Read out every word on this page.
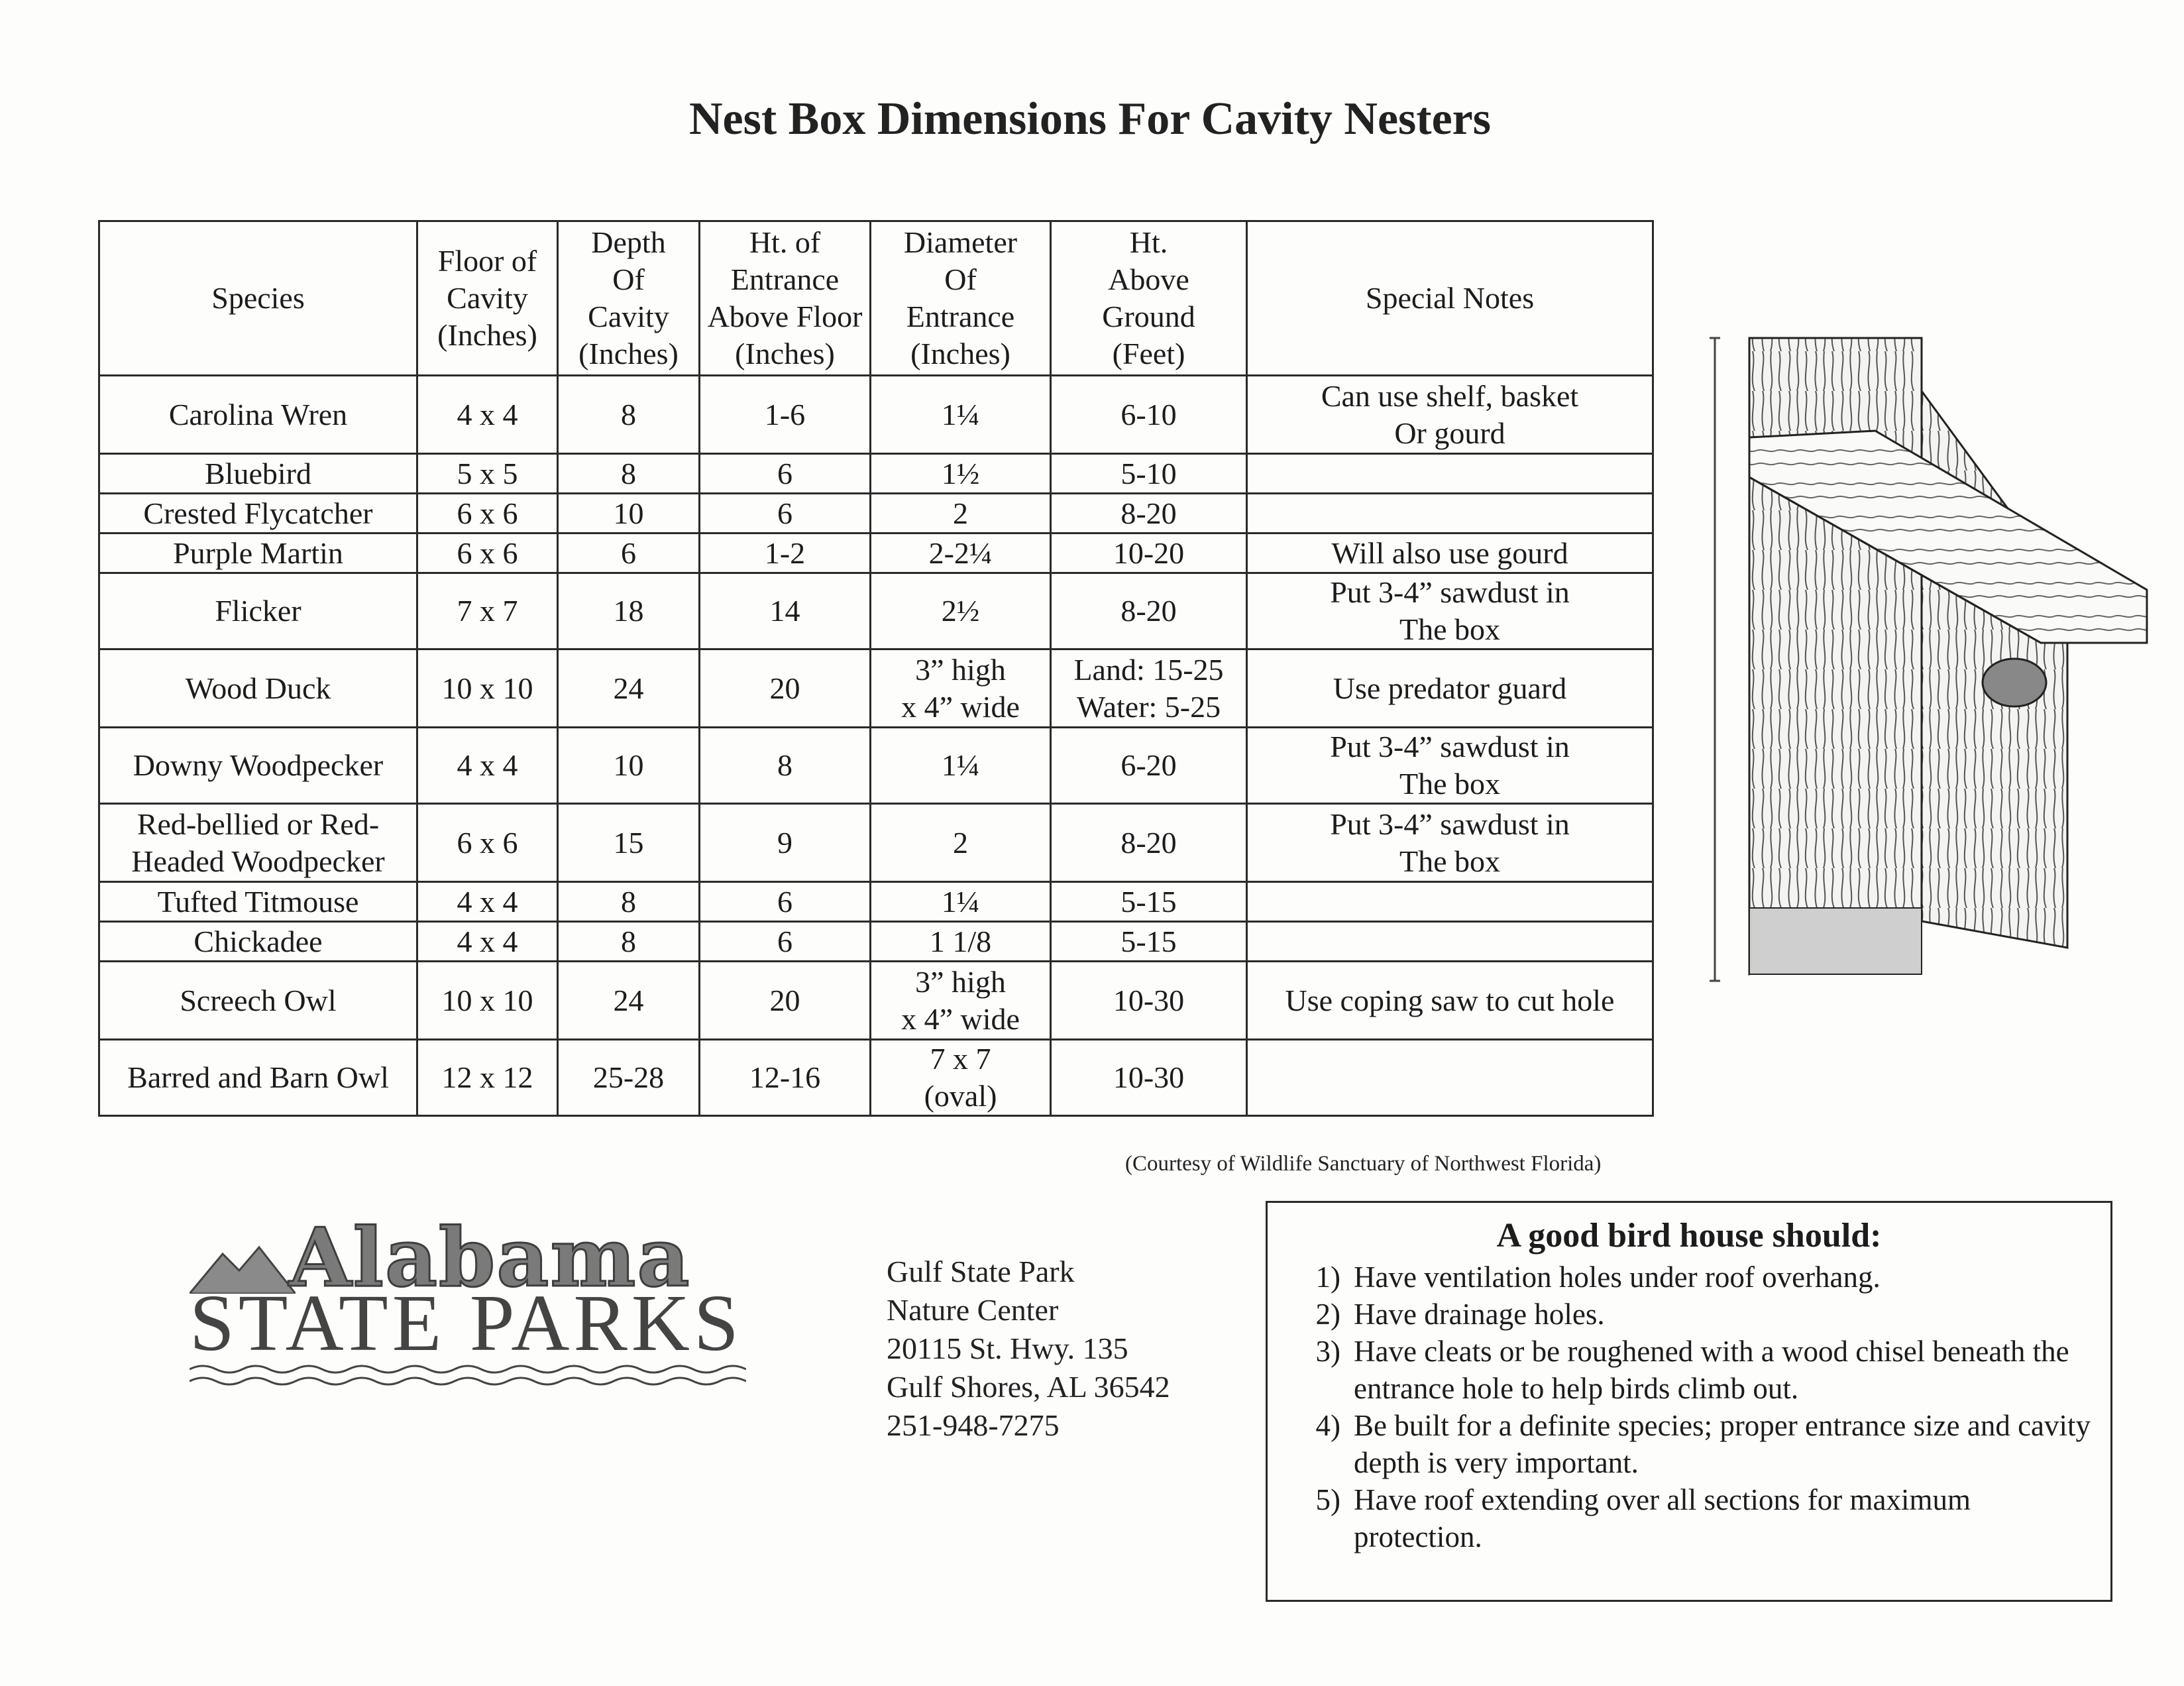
Nest Box Dimensions For Cavity Nesters
Species	Floor of
Cavity
(Inches)	Depth
Of
Cavity
(Inches)	Ht. of
Entrance
Above Floor
(Inches)	Diameter
Of
Entrance
(Inches)	Ht.
Above
Ground
(Feet)	Special Notes

Carolina Wren	4 x 4	8	1-6	1¼	6-10	Can use shelf, basket
Or gourd

Bluebird	5 x 5	8	6	1½	5-10	

Crested Flycatcher	6 x 6	10	6	2	8-20	

Purple Martin	6 x 6	6	1-2	2-2¼	10-20	Will also use gourd

Flicker	7 x 7	18	14	2½	8-20	Put 3-4” sawdust in
The box

Wood Duck	10 x 10	24	20	3” high
x 4” wide	Land: 15-25
Water: 5-25	Use predator guard

Downy Woodpecker	4 x 4	10	8	1¼	6-20	Put 3-4” sawdust in
The box

Red-bellied or Red-
Headed Woodpecker	6 x 6	15	9	2	8-20	Put 3-4” sawdust in
The box

Tufted Titmouse	4 x 4	8	6	1¼	5-15	

Chickadee	4 x 4	8	6	1 1/8	5-15	

Screech Owl	10 x 10	24	20	3” high
x 4” wide	10-30	Use coping saw to cut hole

Barred and Barn Owl	12 x 12	25-28	12-16	7 x 7
(oval)	10-30	

(Courtesy of Wildlife Sanctuary of Northwest Florida)
Alabama
STATE PARKS
Gulf State Park
Nature Center
20115 St. Hwy. 135
Gulf Shores, AL 36542
251-948-7275
A good bird house should:
1) Have ventilation holes under roof overhang.
2) Have drainage holes.
3) Have cleats or be roughened with a wood chisel beneath the entrance hole to help birds climb out.
4) Be built for a definite species; proper entrance size and cavity depth is very important.
5) Have roof extending over all sections for maximum protection.
